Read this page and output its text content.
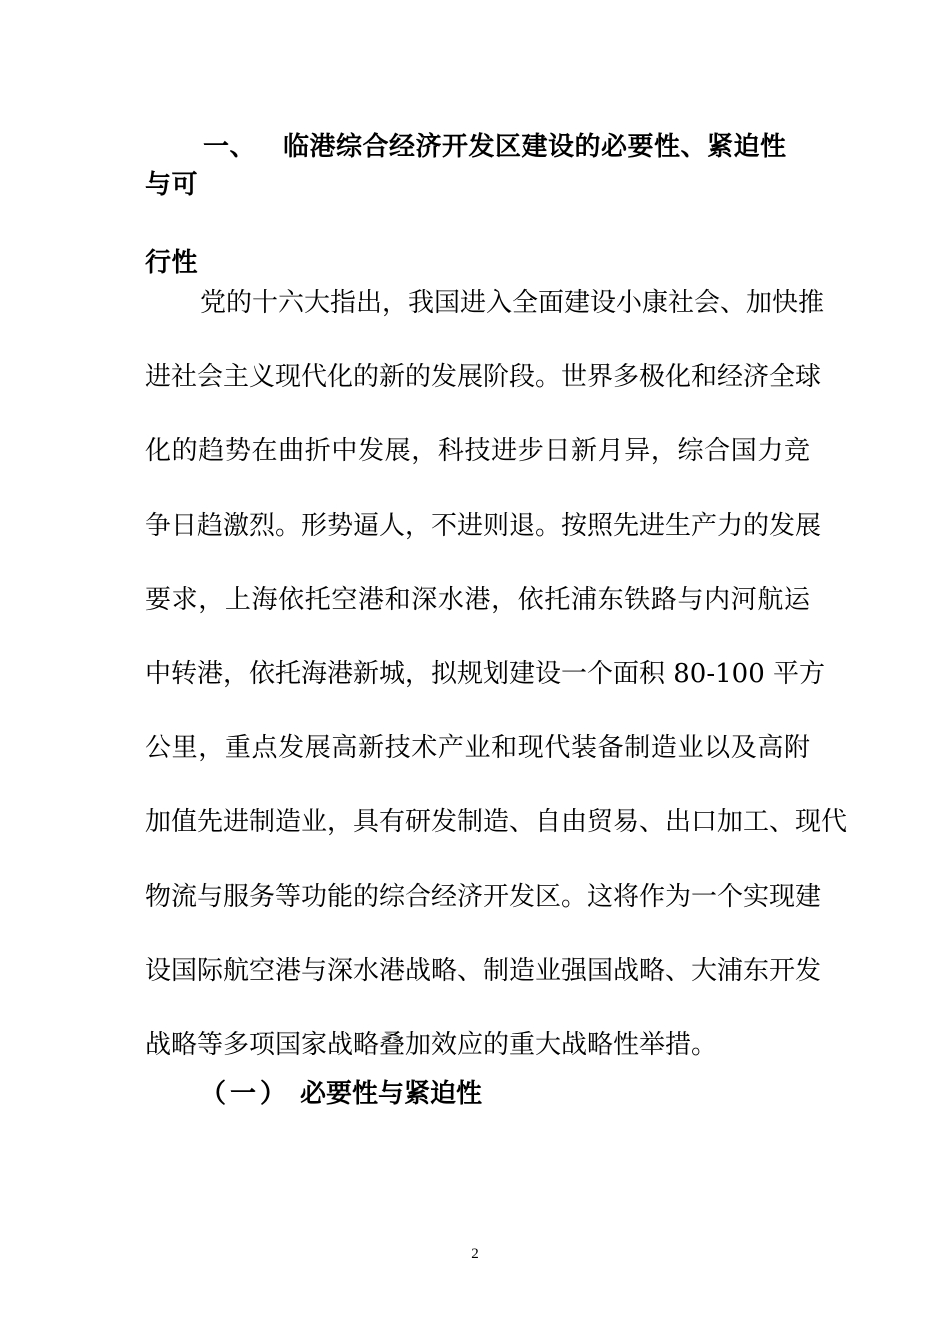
一、 临港综合经济开发区建设的必要性、紧迫性与可
行性

党的十六大指出，我国进入全面建设小康社会、加快推
进社会主义现代化的新的发展阶段。世界多极化和经济全球
化的趋势在曲折中发展，科技进步日新月异，综合国力竞
争日趋激烈。形势逼人，不进则退。按照先进生产力的发展
要求，上海依托空港和深水港，依托浦东铁路与内河航运
中转港，依托海港新城，拟规划建设一个面积 80-100 平方
公里，重点发展高新技术产业和现代装备制造业以及高附
加值先进制造业，具有研发制造、自由贸易、出口加工、现代
物流与服务等功能的综合经济开发区。这将作为一个实现建
设国际航空港与深水港战略、制造业强国战略、大浦东开发
战略等多项国家战略叠加效应的重大战略性举措。

（一） 必要性与紧迫性
2
